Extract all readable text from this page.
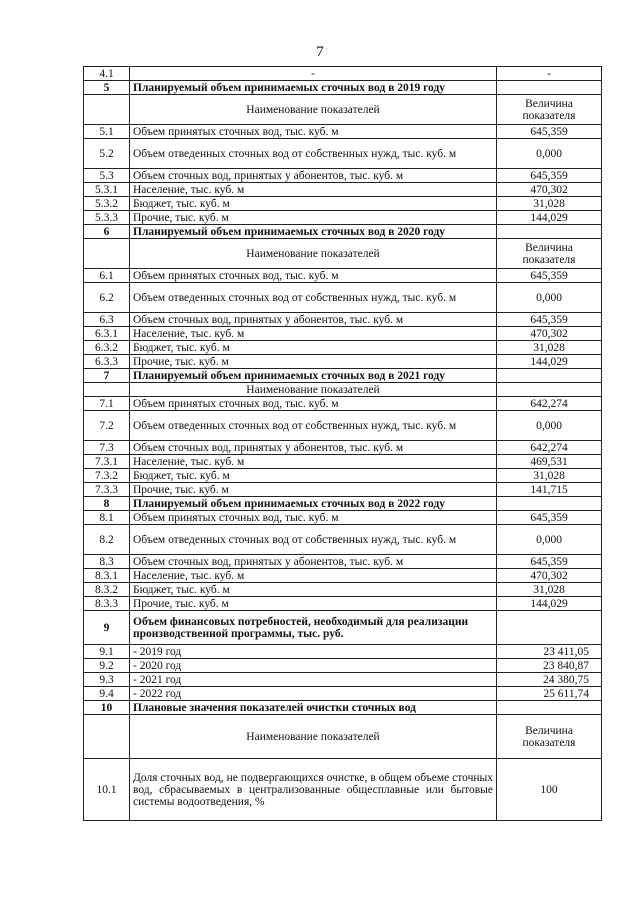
7
4.1	-	-
5	Планируемый объем принимаемых сточных вод в 2019 году	
	Наименование показателей	Величина показателя
5.1	Объем принятых сточных вод, тыс. куб. м	645,359
5.2	Объем отведенных сточных вод от собственных нужд, тыс. куб. м	0,000
5.3	Объем сточных вод, принятых у абонентов, тыс. куб. м	645,359
5.3.1	Население, тыс. куб. м	470,302
5.3.2	Бюджет, тыс. куб. м	31,028
5.3.3	Прочие, тыс. куб. м	144,029
6	Планируемый объем принимаемых сточных вод в 2020 году	
	Наименование показателей	Величина показателя
6.1	Объем принятых сточных вод, тыс. куб. м	645,359
6.2	Объем отведенных сточных вод от собственных нужд, тыс. куб. м	0,000
6.3	Объем сточных вод, принятых у абонентов, тыс. куб. м	645,359
6.3.1	Население, тыс. куб. м	470,302
6.3.2	Бюджет, тыс. куб. м	31,028
6.3.3	Прочие, тыс. куб. м	144,029
7	Планируемый объем принимаемых сточных вод в 2021 году	
	Наименование показателей	
7.1	Объем принятых сточных вод, тыс. куб. м	642,274
7.2	Объем отведенных сточных вод от собственных нужд, тыс. куб. м	0,000
7.3	Объем сточных вод, принятых у абонентов, тыс. куб. м	642,274
7.3.1	Население, тыс. куб. м	469,531
7.3.2	Бюджет, тыс. куб. м	31,028
7.3.3	Прочие, тыс. куб. м	141,715
8	Планируемый объем принимаемых сточных вод в 2022 году	
8.1	Объем принятых сточных вод, тыс. куб. м	645,359
8.2	Объем отведенных сточных вод от собственных нужд, тыс. куб. м	0,000
8.3	Объем сточных вод, принятых у абонентов, тыс. куб. м	645,359
8.3.1	Население, тыс. куб. м	470,302
8.3.2	Бюджет, тыс. куб. м	31,028
8.3.3	Прочие, тыс. куб. м	144,029
9	Объем финансовых потребностей, необходимый для реализации производственной программы, тыс. руб.	
9.1	- 2019 год	23 411,05
9.2	- 2020 год	23 840,87
9.3	- 2021 год	24 380,75
9.4	- 2022 год	25 611,74
10	Плановые значения показателей очистки сточных вод	
	Наименование показателей	Величина показателя
10.1	Доля сточных вод, не подвергающихся очистке, в общем объеме сточных вод, сбрасываемых в централизованные общесплавные или бытовые системы водоотведения, %	100
